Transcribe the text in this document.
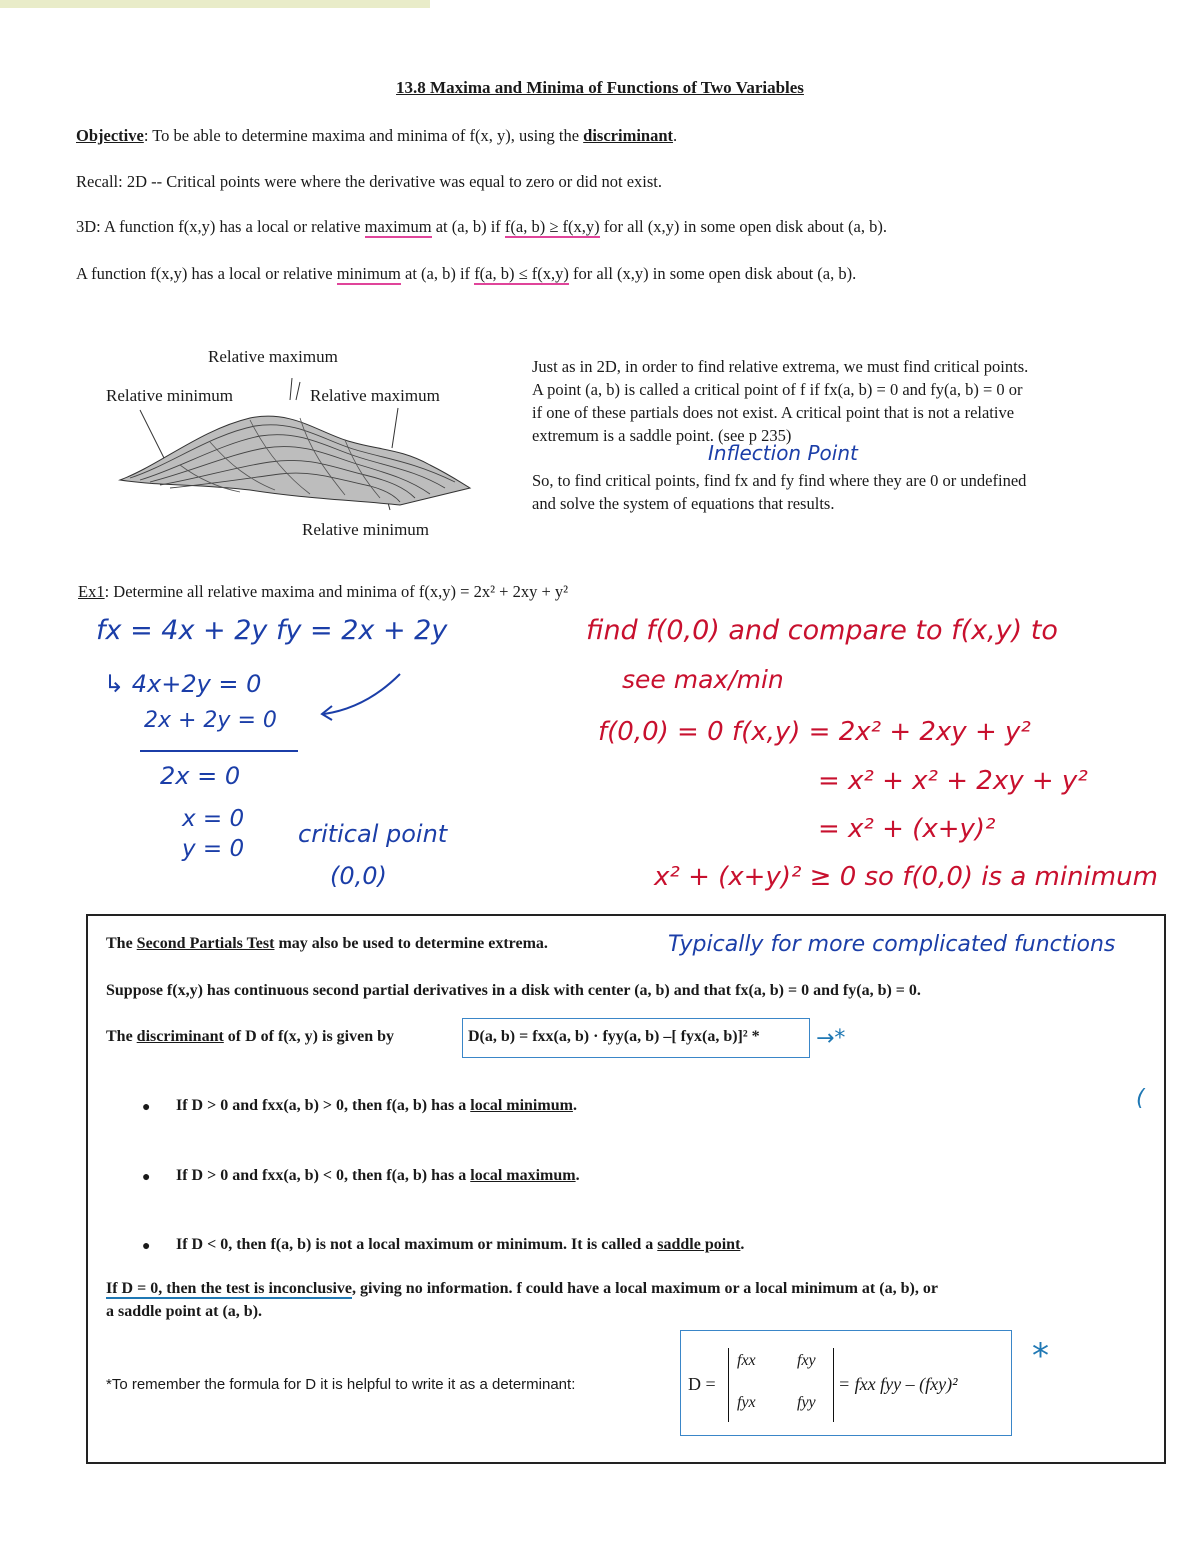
13.8 Maxima and Minima of Functions of Two Variables
Objective: To be able to determine maxima and minima of f(x, y), using the discriminant.
Recall: 2D -- Critical points were where the derivative was equal to zero or did not exist.
3D: A function f(x,y) has a local or relative maximum at (a, b) if f(a, b) ≥ f(x,y) for all (x,y) in some open disk about (a, b).
A function f(x,y) has a local or relative minimum at (a, b) if f(a, b) ≤ f(x,y) for all (x,y) in some open disk about (a, b).
Relative maximum
Relative minimum	Relative maximum
Relative minimum
Just as in 2D, in order to find relative extrema, we must find critical points.
A point (a, b) is called a critical point of f if fx(a, b) = 0 and fy(a, b) = 0 or
if one of these partials does not exist. A critical point that is not a relative
extremum is a saddle point. (see p 235)
Inflection Point
So, to find critical points, find fx and fy find where they are 0 or undefined
and solve the system of equations that results.
Ex1: Determine all relative maxima and minima of f(x,y) = 2x² + 2xy + y²
fx = 4x + 2y fy = 2x + 2y
↳ 4x+2y = 0
2x + 2y = 0
2x = 0
x = 0
y = 0
critical point
(0,0)
find f(0,0) and compare to f(x,y) to
see max/min
f(0,0) = 0 f(x,y) = 2x² + 2xy + y²
= x² + x² + 2xy + y²
= x² + (x+y)²
x² + (x+y)² ≥ 0 so f(0,0) is a minimum
The Second Partials Test may also be used to determine extrema.	Typically for more complicated functions
Suppose f(x,y) has continuous second partial derivatives in a disk with center (a, b) and that fx(a, b) = 0 and fy(a, b) = 0.
The discriminant of D of f(x, y) is given by	D(a, b) = fxx(a, b) · fyy(a, b) –[ fyx(a, b)]² *	→*
● If D > 0 and fxx(a, b) > 0, then f(a, b) has a local minimum.
● If D > 0 and fxx(a, b) < 0, then f(a, b) has a local maximum.
● If D < 0, then f(a, b) is not a local maximum or minimum. It is called a saddle point.
(
If D = 0, then the test is inconclusive, giving no information. f could have a local maximum or a local minimum at (a, b), or
a saddle point at (a, b).
*To remember the formula for D it is helpful to write it as a determinant:	D =
fxx	fxy
fyx	fyy
= fxx fyy – (fxy)²
*
